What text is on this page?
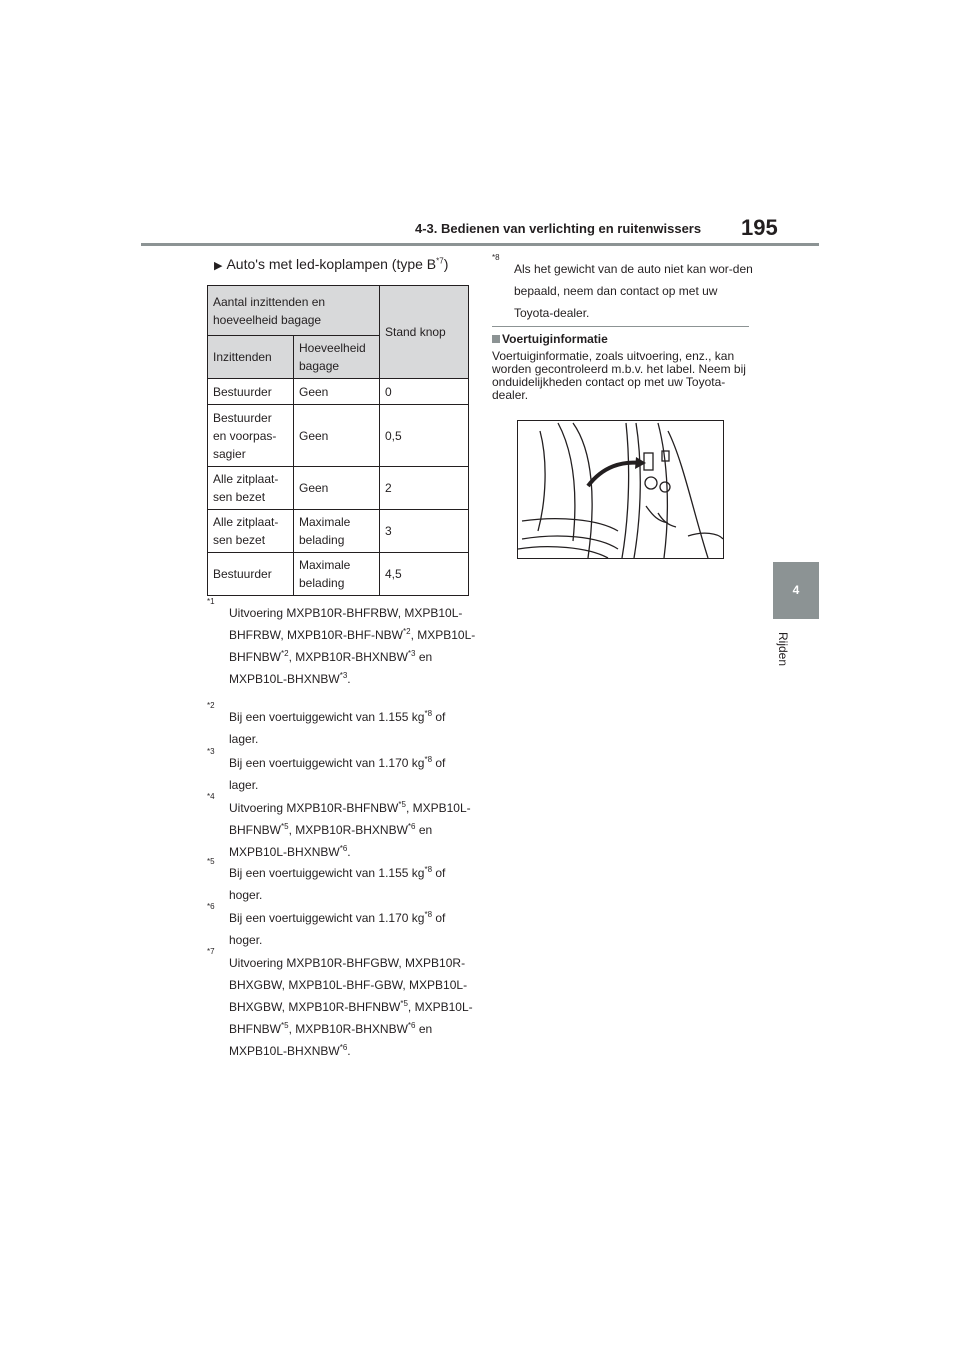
4-3. Bedienen van verlichting en ruitenwissers 195
4
Rijden
▶ Auto's met led-koplampen (type $B^{*7}$)
Aantal inzittenden en hoeveelheid bagage		Stand knop
Inzittenden	Hoeveelheid bagage	
Bestuurder	Geen	0
Bestuurder en voorpas-sagier	Geen	0,5
Alle zitplaat-sen bezet	Geen	2
Alle zitplaat-sen bezet	Maximale belading	3
Bestuurder	Maximale belading	4,5
*1
Uitvoering MXPB10R-BHFRBW, MXPB10L-BHFRBW, MXPB10R-BHF-NBW$^{*2}$, MXPB10L-BHFNBW$^{*2}$, MXPB10R-BHXNBW$^{*3}$ en MXPB10L-BHXNBW$^{*3}$.
*2
Bij een voertuiggewicht van 1.155 $kg^{*8}$ of lager.
*3
Bij een voertuiggewicht van 1.170 $kg^{*8}$ of lager.
*4
Uitvoering MXPB10R-BHFNBW$^{*5}$, MXPB10L-BHFNBW$^{*5}$, MXPB10R-BHXNBW$^{*6}$ en MXPB10L-BHXNBW$^{*6}$.
*5
Bij een voertuiggewicht van 1.155 $kg^{*8}$ of hoger.
*6
Bij een voertuiggewicht van 1.170 $kg^{*8}$ of hoger.
*7
Uitvoering MXPB10R-BHFGBW, MXPB10R-BHXGBW, MXPB10L-BHF-GBW, MXPB10L-BHXGBW, MXPB10R-BHFNBW$^{*5}$, MXPB10L-BHFNBW$^{*5}$, MXPB10R-BHXNBW$^{*6}$ en MXPB10L-BHXNBW$^{*6}$.
*8
Als het gewicht van de auto niet kan wor-den bepaald, neem dan contact op met uw Toyota-dealer.
Voertuiginformatie
Voertuiginformatie, zoals uitvoering, enz., kan worden gecontroleerd m.b.v. het label. Neem bij onduidelijkheden contact op met uw Toyota-dealer.
